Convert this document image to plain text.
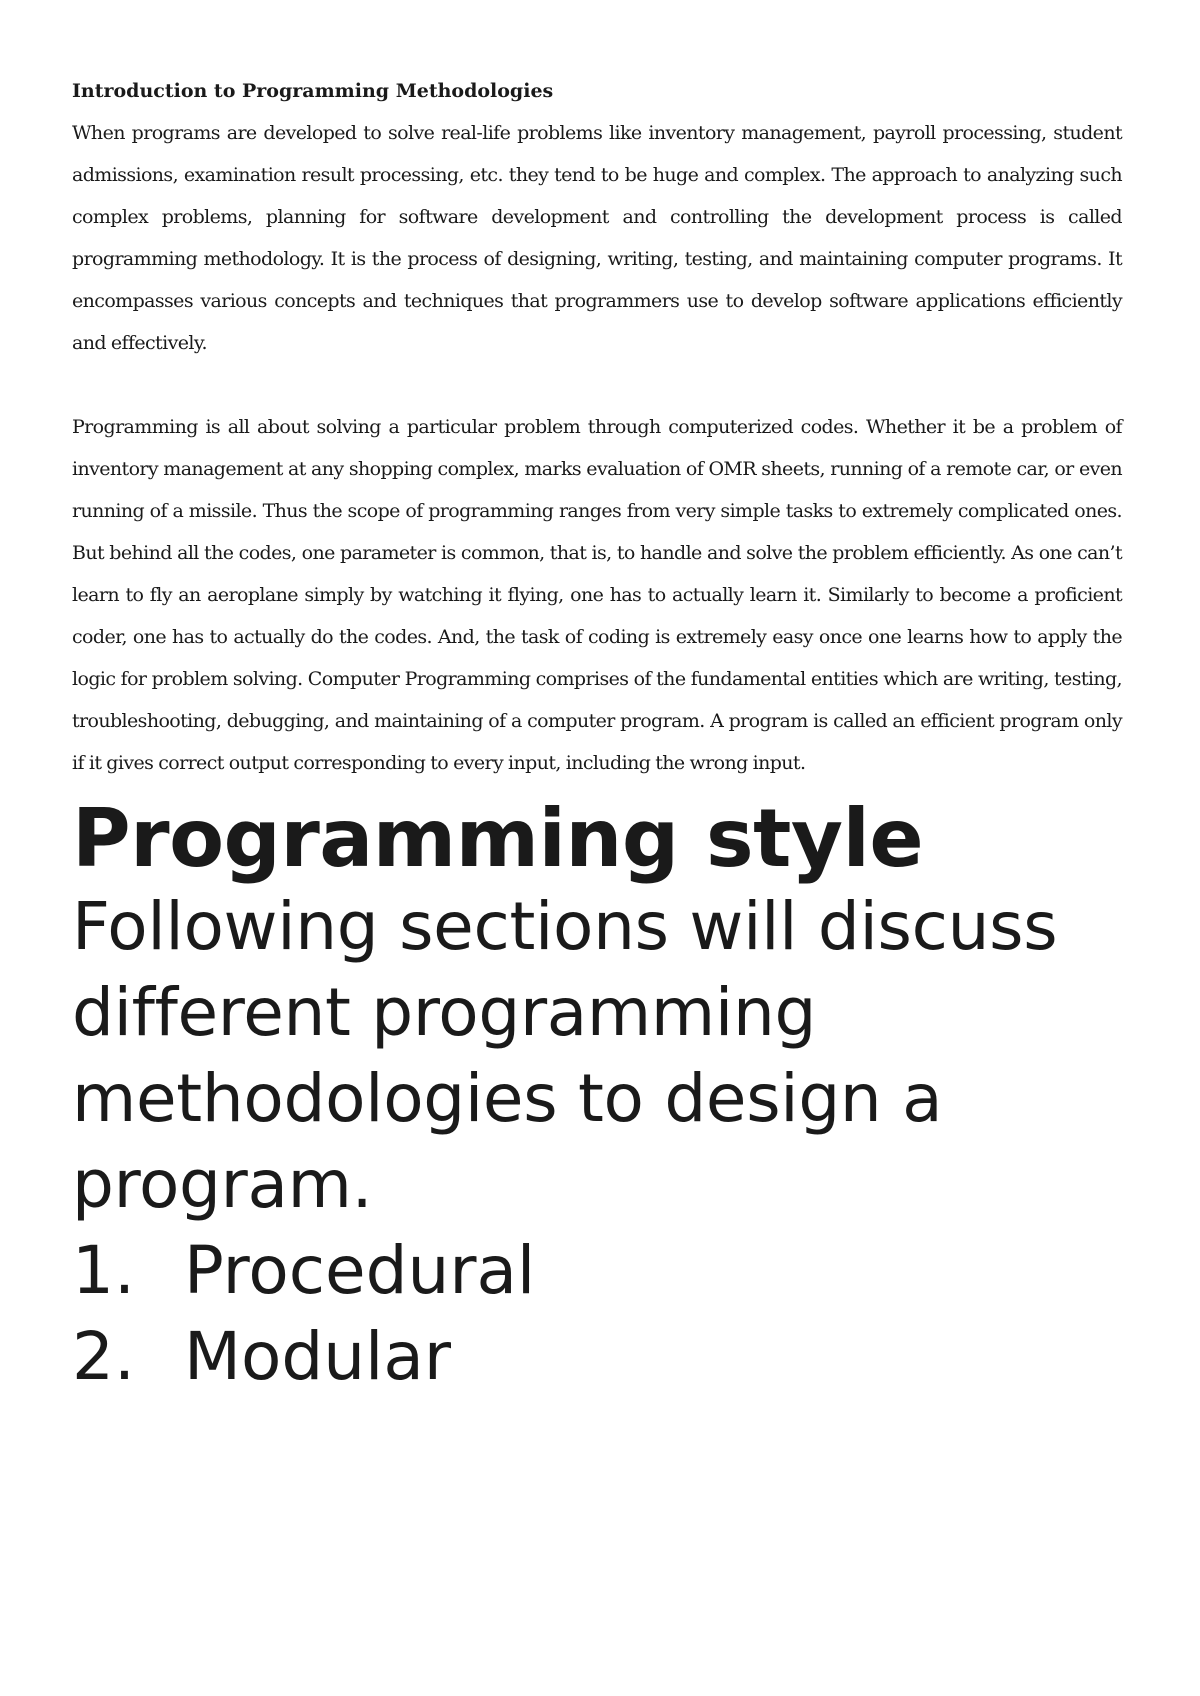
Introduction to Programming Methodologies

When programs are developed to solve real-life problems like inventory management, payroll processing, student admissions, examination result processing, etc. they tend to be huge and complex. The approach to analyzing such complex problems, planning for software development and controlling the development process is called programming methodology. It is the process of designing, writing, testing, and maintaining computer programs. It encompasses various concepts and techniques that programmers use to develop software applications efficiently and effectively.

Programming is all about solving a particular problem through computerized codes. Whether it be a problem of inventory management at any shopping complex, marks evaluation of OMR sheets, running of a remote car, or even running of a missile. Thus the scope of programming ranges from very simple tasks to extremely complicated ones. But behind all the codes, one parameter is common, that is, to handle and solve the problem efficiently. As one can’t learn to fly an aeroplane simply by watching it flying, one has to actually learn it. Similarly to become a proficient coder, one has to actually do the codes. And, the task of coding is extremely easy once one learns how to apply the logic for problem solving. Computer Programming comprises of the fundamental entities which are writing, testing, troubleshooting, debugging, and maintaining of a computer program. A program is called an efficient program only if it gives correct output corresponding to every input, including the wrong input.

Programming style

Following sections will discuss different programming methodologies to design a program.

1. Procedural
2. Modular
